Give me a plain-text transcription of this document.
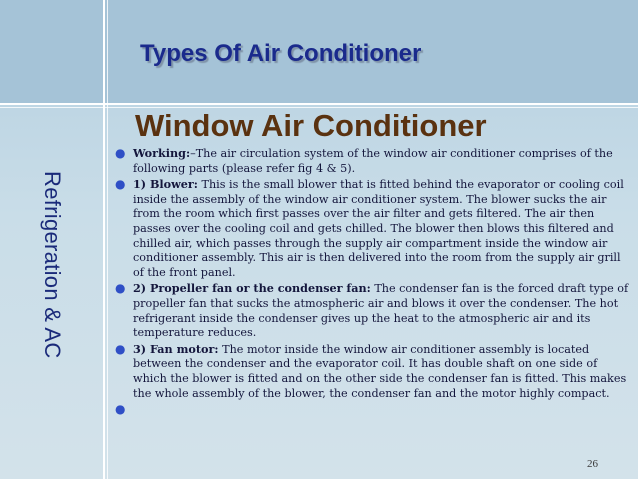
Refrigeration & AC
Types Of Air Conditioner
Window Air Conditioner
● Working:–The air circulation system of the window air conditioner comprises of the following parts (please refer fig 4 & 5).
● 1) Blower: This is the small blower that is fitted behind the evaporator or cooling coil inside the assembly of the window air conditioner system. The blower sucks the air from the room which first passes over the air filter and gets filtered. The air then passes over the cooling coil and gets chilled. The blower then blows this filtered and chilled air, which passes through the supply air compartment inside the window air conditioner assembly. This air is then delivered into the room from the supply air grill of the front panel.
● 2) Propeller fan or the condenser fan: The condenser fan is the forced draft type of propeller fan that sucks the atmospheric air and blows it over the condenser. The hot refrigerant inside the condenser gives up the heat to the atmospheric air and its temperature reduces.
● 3) Fan motor: The motor inside the window air conditioner assembly is located between the condenser and the evaporator coil. It has double shaft on one side of which the blower is fitted and on the other side the condenser fan is fitted. This makes the whole assembly of the blower, the condenser fan and the motor highly compact.
●

26
